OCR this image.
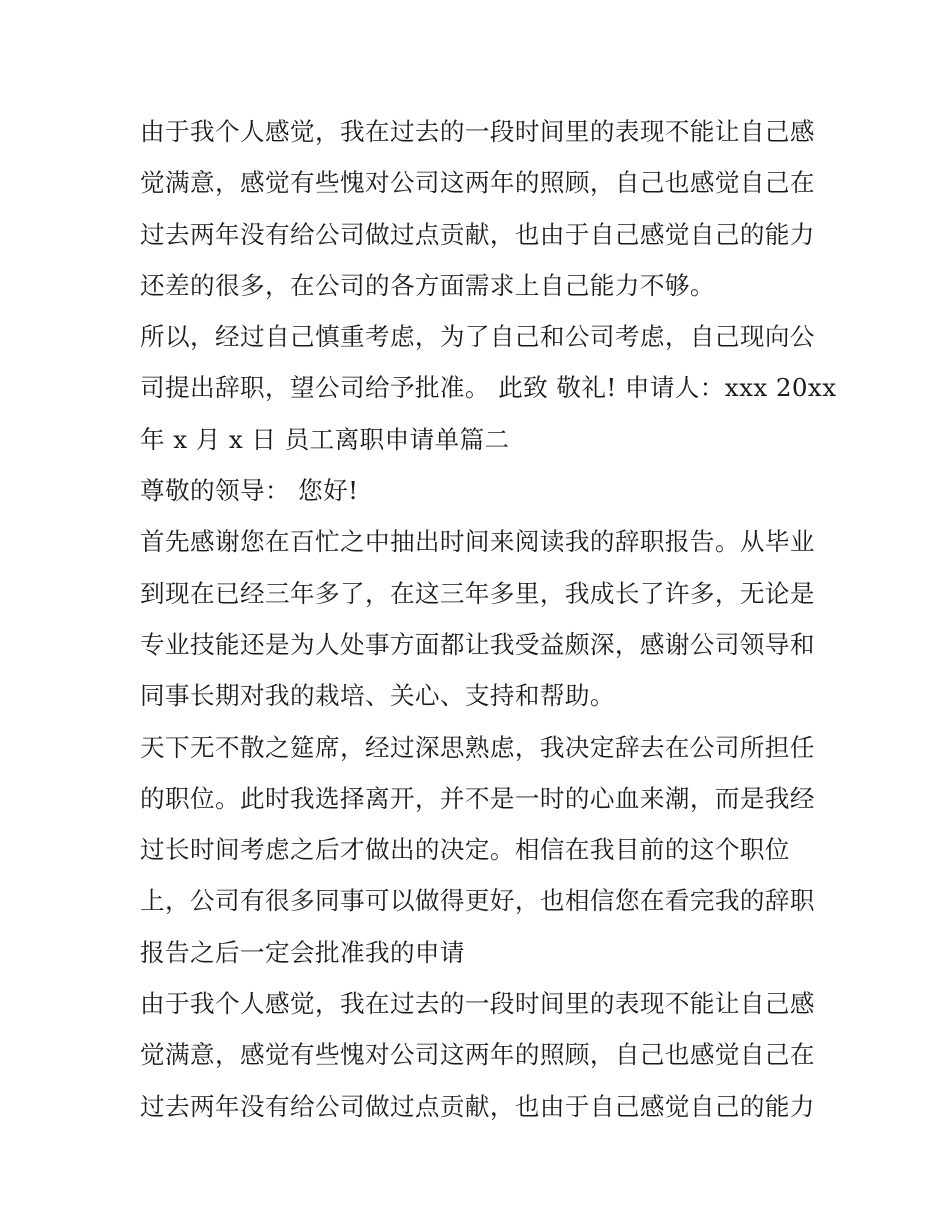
由于我个人感觉，我在过去的一段时间里的表现不能让自己感
觉满意，感觉有些愧对公司这两年的照顾，自己也感觉自己在
过去两年没有给公司做过点贡献，也由于自己感觉自己的能力
还差的很多，在公司的各方面需求上自己能力不够。
所以，经过自己慎重考虑，为了自己和公司考虑，自己现向公
司提出辞职，望公司给予批准。 此致 敬礼! 申请人：xxx 20xx
年 x 月 x 日 员工离职申请单篇二
尊敬的领导： 您好!
首先感谢您在百忙之中抽出时间来阅读我的辞职报告。从毕业
到现在已经三年多了，在这三年多里，我成长了许多，无论是
专业技能还是为人处事方面都让我受益颇深，感谢公司领导和
同事长期对我的栽培、关心、支持和帮助。
天下无不散之筵席，经过深思熟虑，我决定辞去在公司所担任
的职位。此时我选择离开，并不是一时的心血来潮，而是我经
过长时间考虑之后才做出的决定。相信在我目前的这个职位
上，公司有很多同事可以做得更好，也相信您在看完我的辞职
报告之后一定会批准我的申请
由于我个人感觉，我在过去的一段时间里的表现不能让自己感
觉满意，感觉有些愧对公司这两年的照顾，自己也感觉自己在
过去两年没有给公司做过点贡献，也由于自己感觉自己的能力
